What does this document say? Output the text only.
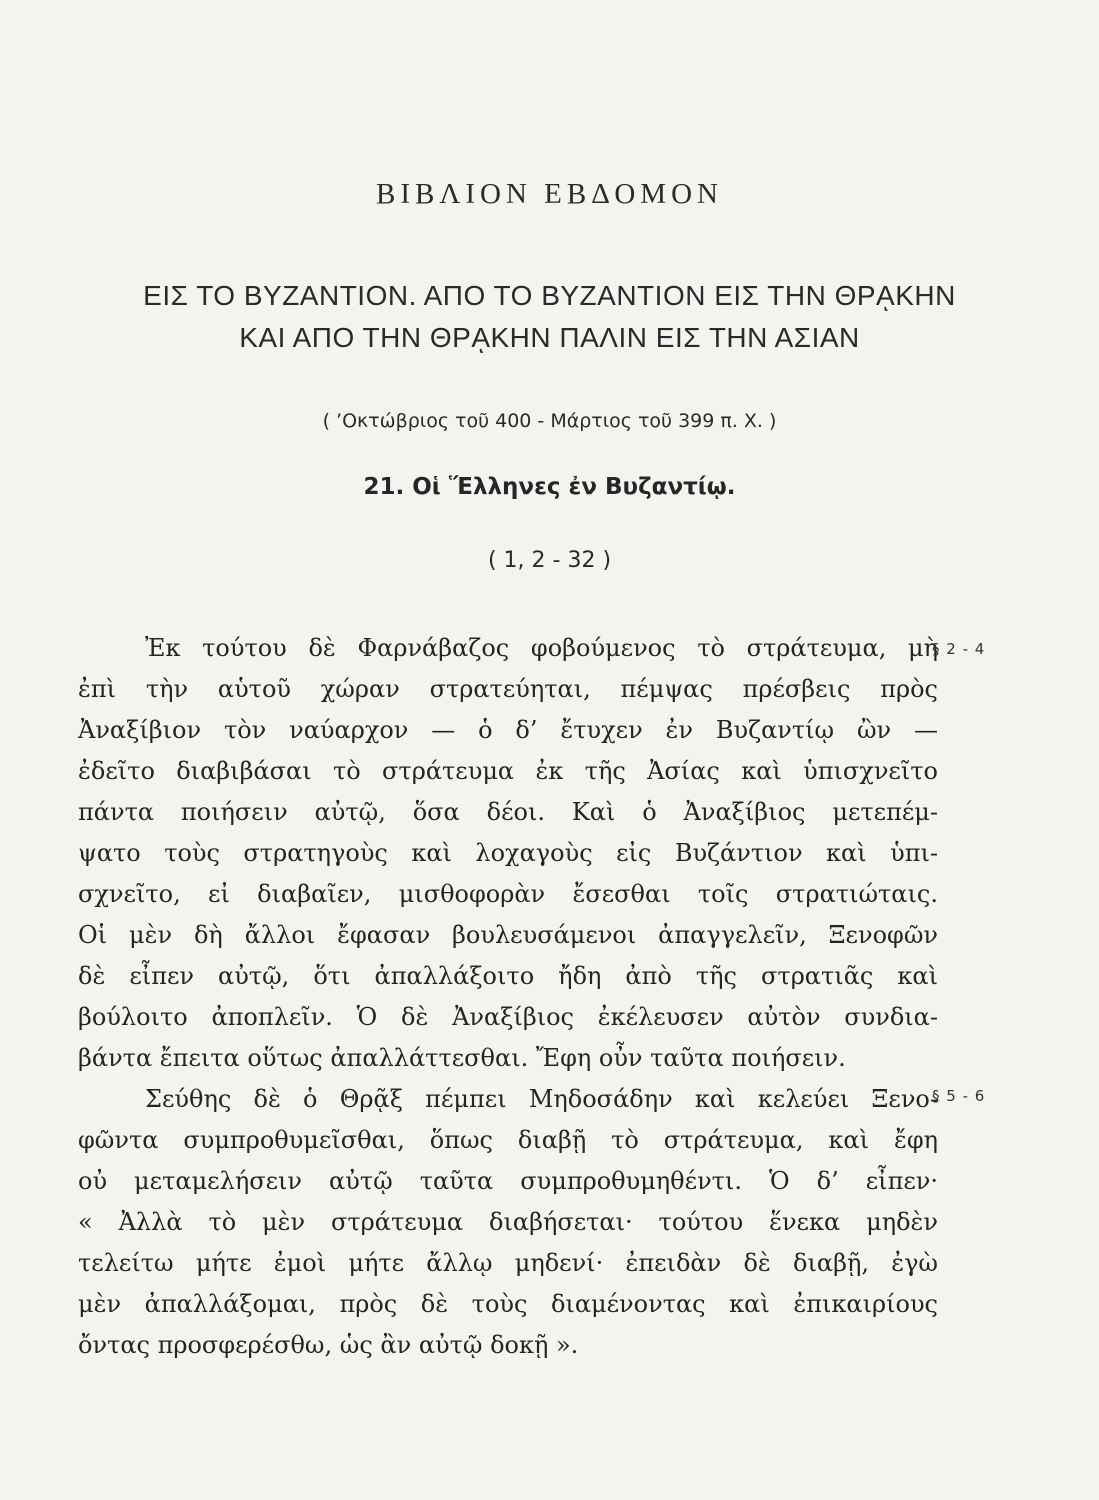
ΒΙΒΛΙΟΝ ΕΒΔΟΜΟΝ
ΕΙΣ ΤΟ ΒΥΖΑΝΤΙΟΝ. ΑΠΟ ΤΟ ΒΥΖΑΝΤΙΟΝ ΕΙΣ ΤΗΝ ΘΡᾼΚΗΝ
ΚΑΙ ΑΠΟ ΤΗΝ ΘΡᾼΚΗΝ ΠΑΛΙΝ ΕΙΣ ΤΗΝ ΑΣΙΑΝ
( ’Οκτώβριος τοῦ 400 - Μάρτιος τοῦ 399 π. Χ. )
21. Οἱ Ἕλληνες ἐν Βυζαντίῳ.
( 1, 2 - 32 )
Ἐκ τούτου δὲ Φαρνάβαζος φοβούμενος τὸ στράτευμα, μὴ
ἐπὶ τὴν αὑτοῦ χώραν στρατεύηται, πέμψας πρέσβεις πρὸς
Ἀναξίβιον τὸν ναύαρχον — ὁ δ’ ἔτυχεν ἐν Βυζαντίῳ ὢν —
ἐδεῖτο διαβιβάσαι τὸ στράτευμα ἐκ τῆς Ἀσίας καὶ ὑπισχνεῖτο
πάντα ποιήσειν αὐτῷ, ὅσα δέοι. Καὶ ὁ Ἀναξίβιος μετεπέμ-
ψατο τοὺς στρατηγοὺς καὶ λοχαγοὺς εἰς Βυζάντιον καὶ ὑπι-
σχνεῖτο, εἰ διαβαῖεν, μισθοφορὰν ἔσεσθαι τοῖς στρατιώταις.
Οἱ μὲν δὴ ἄλλοι ἔφασαν βουλευσάμενοι ἀπαγγελεῖν, Ξενοφῶν
δὲ εἶπεν αὐτῷ, ὅτι ἀπαλλάξοιτο ἤδη ἀπὸ τῆς στρατιᾶς καὶ
βούλοιτο ἀποπλεῖν. Ὁ δὲ Ἀναξίβιος ἐκέλευσεν αὐτὸν συνδια-
βάντα ἔπειτα οὕτως ἀπαλλάττεσθαι. Ἔφη οὖν ταῦτα ποιήσειν.
Σεύθης δὲ ὁ Θρᾷξ πέμπει Μηδοσάδην καὶ κελεύει Ξενο-
φῶντα συμπροθυμεῖσθαι, ὅπως διαβῇ τὸ στράτευμα, καὶ ἔφη
οὐ μεταμελήσειν αὐτῷ ταῦτα συμπροθυμηθέντι. Ὁ δ’ εἶπεν·
« Ἀλλὰ τὸ μὲν στράτευμα διαβήσεται· τούτου ἕνεκα μηδὲν
τελείτω μήτε ἐμοὶ μήτε ἄλλῳ μηδενί· ἐπειδὰν δὲ διαβῇ, ἐγὼ
μὲν ἀπαλλάξομαι, πρὸς δὲ τοὺς διαμένοντας καὶ ἐπικαιρίους
ὄντας προσφερέσθω, ὡς ἂν αὐτῷ δοκῇ ».
§ 2 - 4
§ 5 - 6
